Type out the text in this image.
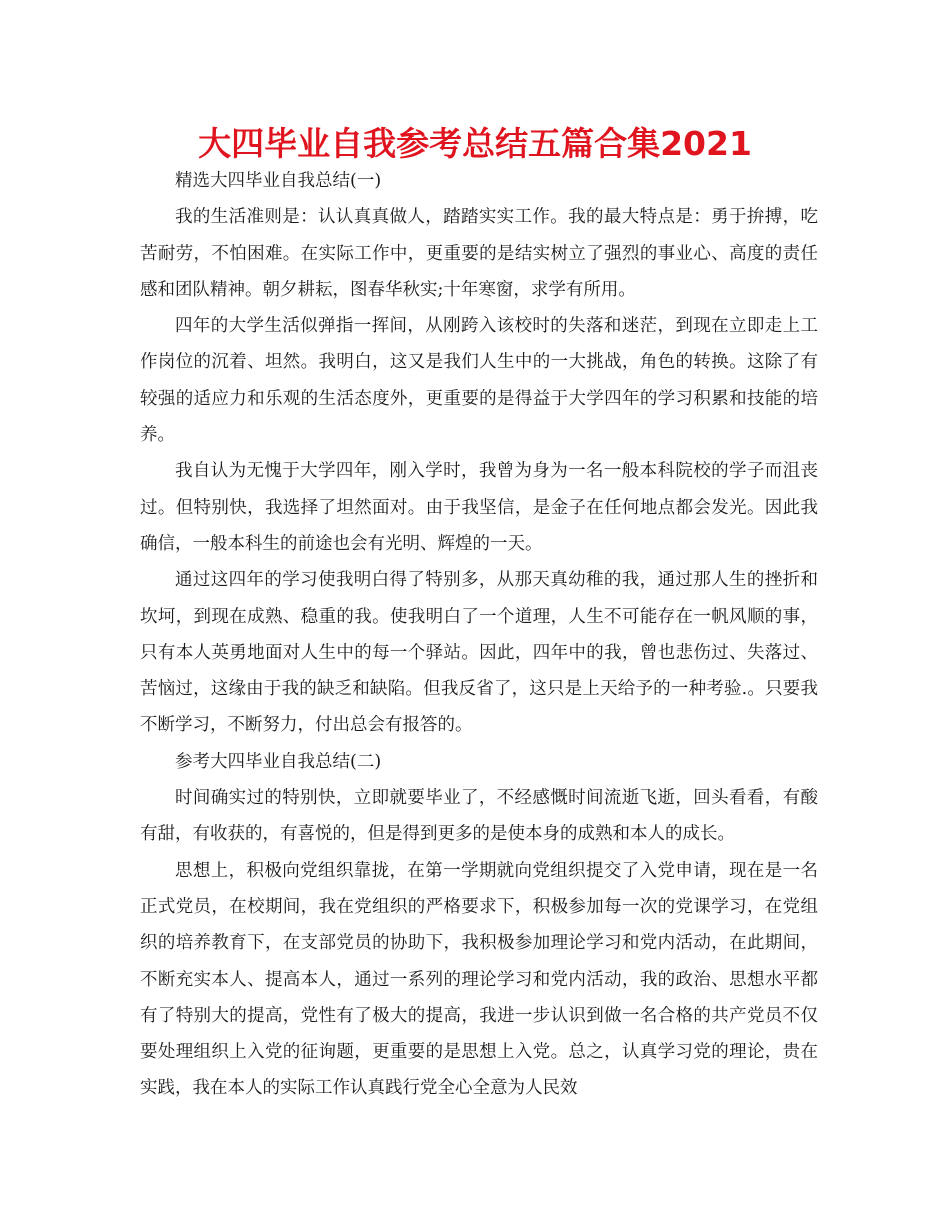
大四毕业自我参考总结五篇合集2021

精选大四毕业自我总结(一)

我的生活准则是：认认真真做人，踏踏实实工作。我的最大特点是：勇于拚搏，吃苦耐劳，不怕困难。在实际工作中，更重要的是结实树立了强烈的事业心、高度的责任感和团队精神。朝夕耕耘，图春华秋实;十年寒窗，求学有所用。

四年的大学生活似弹指一挥间，从刚跨入该校时的失落和迷茫，到现在立即走上工作岗位的沉着、坦然。我明白，这又是我们人生中的一大挑战，角色的转换。这除了有较强的适应力和乐观的生活态度外，更重要的是得益于大学四年的学习积累和技能的培养。

我自认为无愧于大学四年，刚入学时，我曾为身为一名一般本科院校的学子而沮丧过。但特别快，我选择了坦然面对。由于我坚信，是金子在任何地点都会发光。因此我确信，一般本科生的前途也会有光明、辉煌的一天。

通过这四年的学习使我明白得了特别多，从那天真幼稚的我，通过那人生的挫折和坎坷，到现在成熟、稳重的我。使我明白了一个道理，人生不可能存在一帆风顺的事，只有本人英勇地面对人生中的每一个驿站。因此，四年中的我，曾也悲伤过、失落过、苦恼过，这缘由于我的缺乏和缺陷。但我反省了，这只是上天给予的一种考验.。只要我不断学习，不断努力，付出总会有报答的。

参考大四毕业自我总结(二)

时间确实过的特别快，立即就要毕业了，不经感慨时间流逝飞逝，回头看看，有酸有甜，有收获的，有喜悦的，但是得到更多的是使本身的成熟和本人的成长。

思想上，积极向党组织靠拢，在第一学期就向党组织提交了入党申请，现在是一名正式党员，在校期间，我在党组织的严格要求下，积极参加每一次的党课学习，在党组织的培养教育下，在支部党员的协助下，我积极参加理论学习和党内活动，在此期间，不断充实本人、提高本人，通过一系列的理论学习和党内活动，我的政治、思想水平都有了特别大的提高，党性有了极大的提高，我进一步认识到做一名合格的共产党员不仅要处理组织上入党的征询题，更重要的是思想上入党。总之，认真学习党的理论，贵在实践，我在本人的实际工作认真践行党全心全意为人民效
